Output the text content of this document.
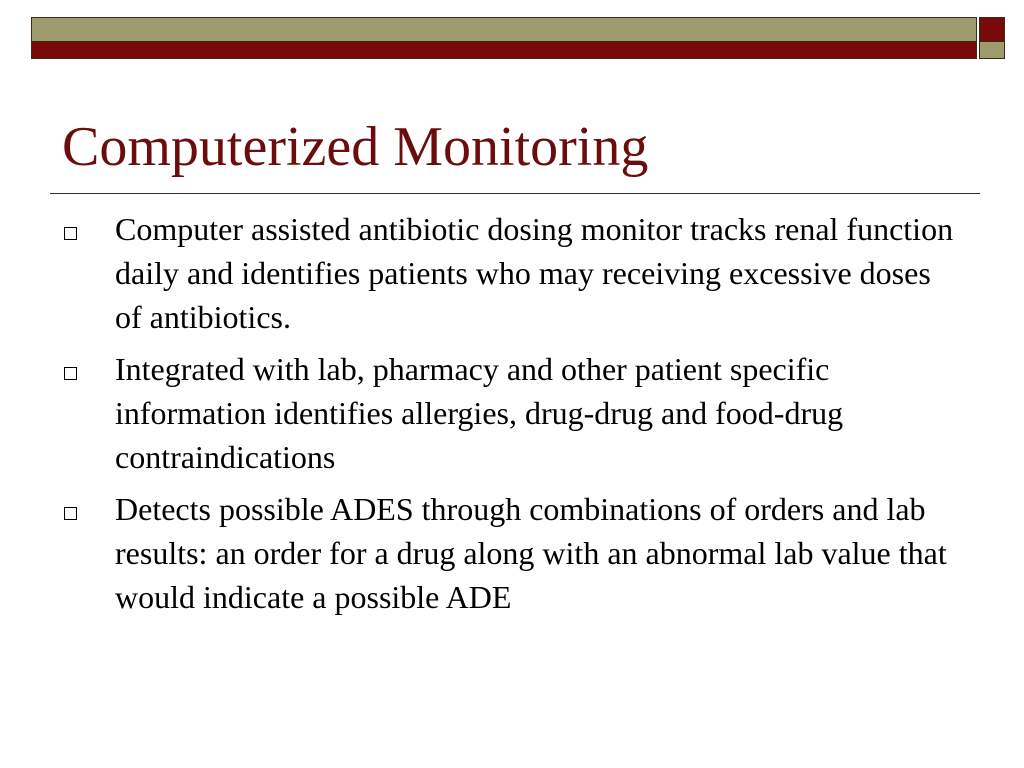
Computerized Monitoring
Computer assisted antibiotic dosing monitor tracks renal function daily and identifies patients who may receiving excessive doses of antibiotics.
Integrated with lab, pharmacy and other patient specific information identifies allergies, drug-drug and food-drug contraindications
Detects possible ADES through combinations of orders and lab results: an order for a drug along with an abnormal lab value that would indicate a possible ADE
